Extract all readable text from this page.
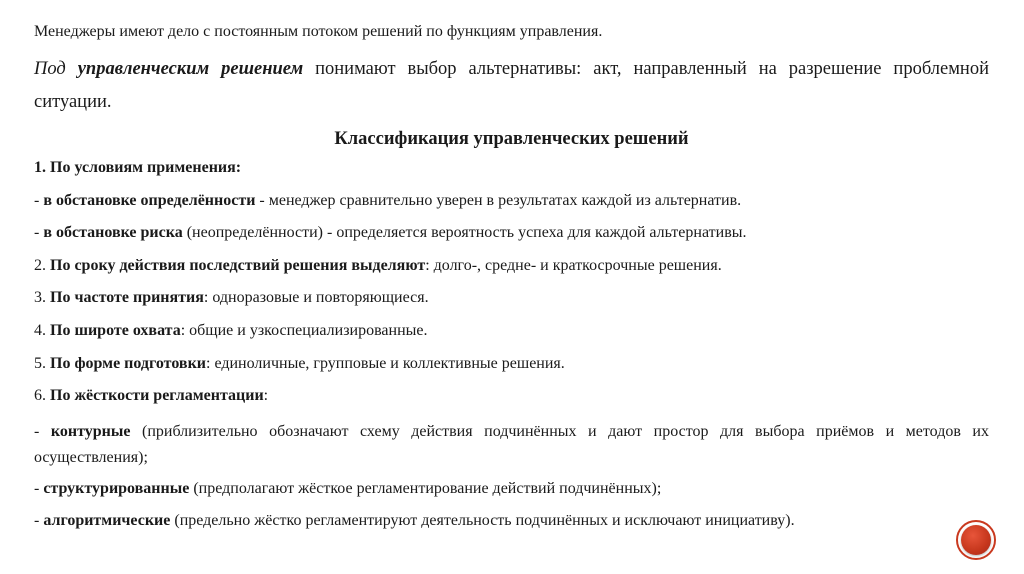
Менеджеры имеют дело с постоянным потоком решений по функциям управления.

Под управленческим решением понимают выбор альтернативы: акт, направленный на разрешение проблемной ситуации.

Классификация управленческих решений

1. По условиям применения:

- в обстановке определённости - менеджер сравнительно уверен в результатах каждой из альтернатив.

- в обстановке риска (неопределённости) - определяется вероятность успеха для каждой альтернативы.

2. По сроку действия последствий решения выделяют: долго-, средне- и краткосрочные решения.

3. По частоте принятия: одноразовые и повторяющиеся.

4. По широте охвата: общие и узкоспециализированные.

5. По форме подготовки: единоличные, групповые и коллективные решения.

6. По жёсткости регламентации:

- контурные (приблизительно обозначают схему действия подчинённых и дают простор для выбора приёмов и методов их осуществления);

- структурированные (предполагают жёсткое регламентирование действий подчинённых);

- алгоритмические (предельно жёстко регламентируют деятельность подчинённых и исключают инициативу).
